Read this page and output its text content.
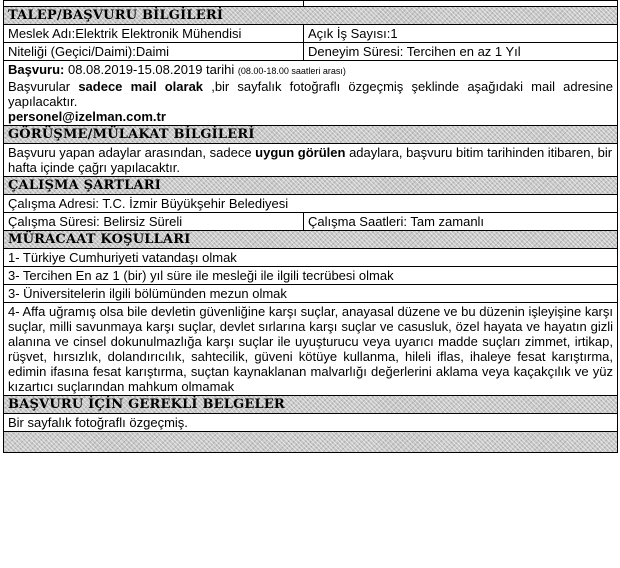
TALEP/BAŞVURU BİLGİLERİ	
Meslek Adı:Elektrik Elektronik Mühendisi	Açık İş Sayısı:1
Niteliği (Geçici/Daimi):Daimi	Deneyim Süresi: Tercihen en az 1 Yıl

Başvuru: 08.08.2019-15.08.2019 tarihi (08.00-18.00 saatleri arası)
Başvurular sadece mail olarak ,bir sayfalık fotoğraflı özgeçmiş şeklinde aşağıdaki mail adresine yapılacaktır.
personel@izelman.com.tr	

GÖRÜŞME/MÜLAKAT BİLGİLERİ	
Başvuru yapan adaylar arasından, sadece uygun görülen adaylara, başvuru bitim tarihinden itibaren, bir hafta içinde çağrı yapılacaktır.	
ÇALIŞMA ŞARTLARI	
Çalışma Adresi: T.C. İzmir Büyükşehir Belediyesi	
Çalışma Süresi: Belirsiz Süreli	Çalışma Saatleri: Tam zamanlı
MÜRACAAT KOŞULLARI	
1- Türkiye Cumhuriyeti vatandaşı olmak	
3- Tercihen En az 1 (bir) yıl süre ile mesleği ile ilgili tecrübesi olmak	
3- Üniversitelerin ilgili bölümünden mezun olmak	
4- Affa uğramış olsa bile devletin güvenliğine karşı suçlar, anayasal düzene ve bu düzenin işleyişine karşı suçlar, milli savunmaya karşı suçlar, devlet sırlarına karşı suçlar ve casusluk, özel hayata ve hayatın gizli alanına ve cinsel dokunulmazlığa karşı suçlar ile uyuşturucu veya uyarıcı madde suçları zimmet, irtikap, rüşvet, hırsızlık, dolandırıcılık, sahtecilik, güveni kötüye kullanma, hileli iflas, ihaleye fesat karıştırma, edimin ifasına fesat karıştırma, suçtan kaynaklanan malvarlığı değerlerini aklama veya kaçakçılık ve yüz kızartıcı suçlarından mahkum olmamak	
BAŞVURU İÇİN GEREKLİ BELGELER	
Bir sayfalık fotoğraflı özgeçmiş.	
